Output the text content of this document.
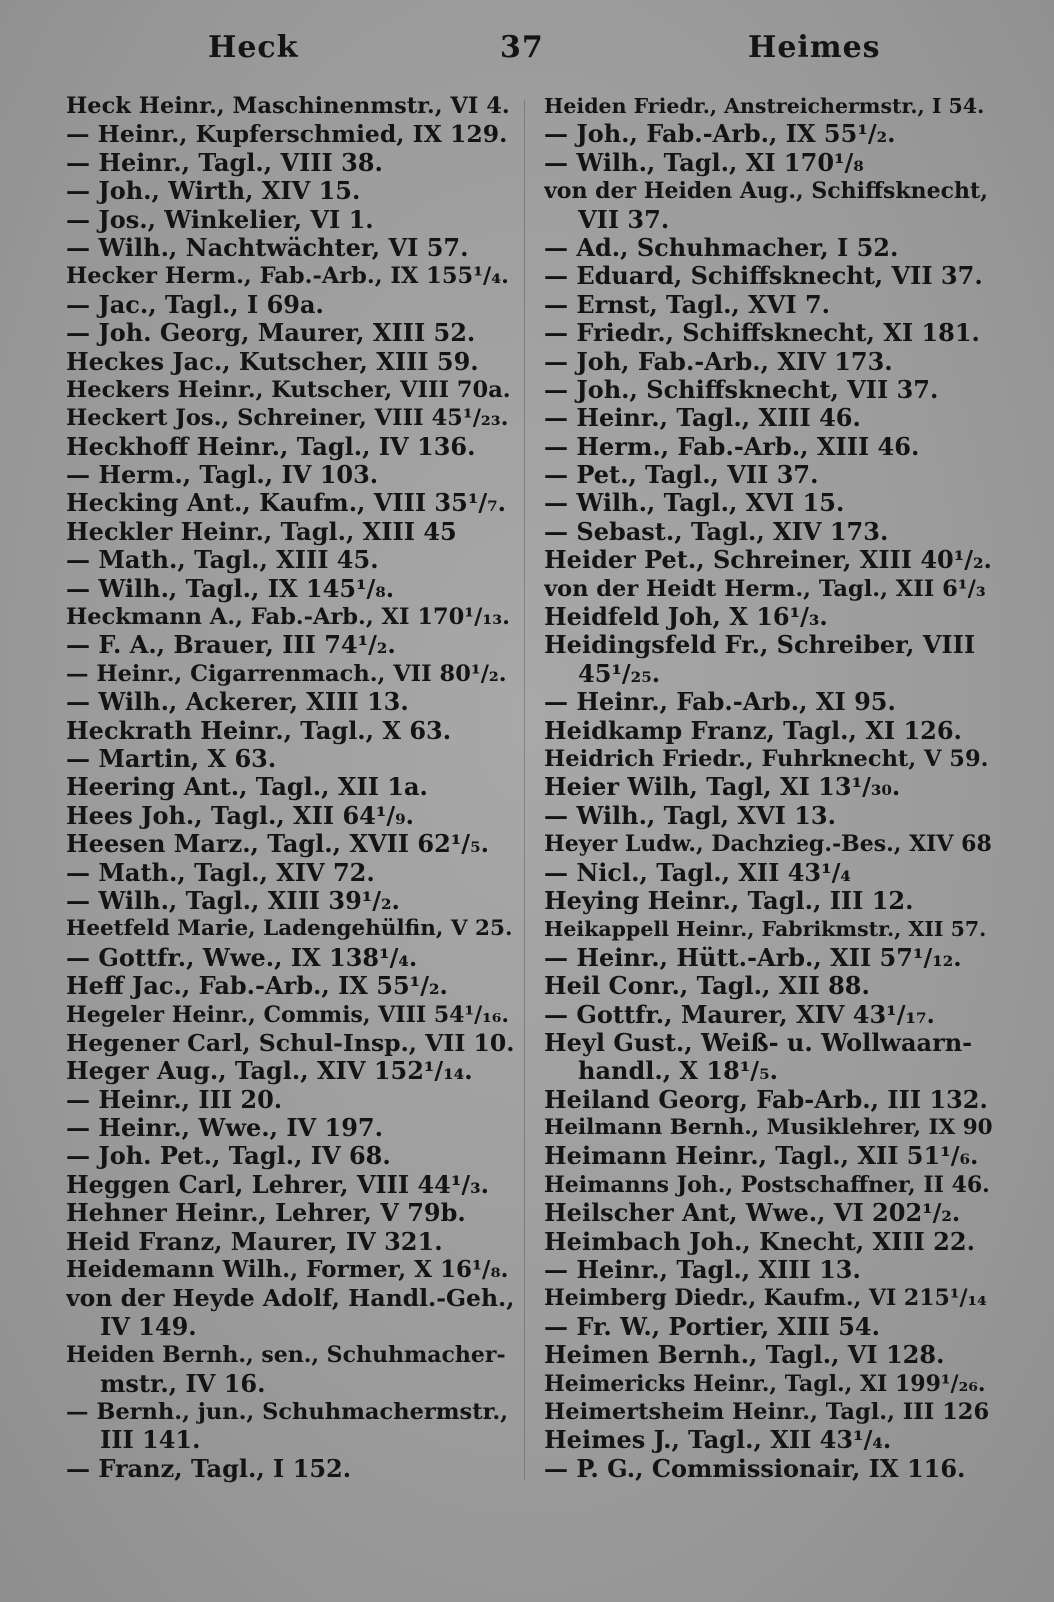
Heck	37	Heimes
Heck Heinr., Maschinenmstr., VI 4.
— Heinr., Kupferschmied, IX 129.
— Heinr., Tagl., VIII 38.
— Joh., Wirth, XIV 15.
— Jos., Winkelier, VI 1.
— Wilh., Nachtwächter, VI 57.
Hecker Herm., Fab.-Arb., IX 155¹/₄.
— Jac., Tagl., I 69a.
— Joh. Georg, Maurer, XIII 52.
Heckes Jac., Kutscher, XIII 59.
Heckers Heinr., Kutscher, VIII 70a.
Heckert Jos., Schreiner, VIII 45¹/₂₃.
Heckhoff Heinr., Tagl., IV 136.
— Herm., Tagl., IV 103.
Hecking Ant., Kaufm., VIII 35¹/₇.
Heckler Heinr., Tagl., XIII 45
— Math., Tagl., XIII 45.
— Wilh., Tagl., IX 145¹/₈.
Heckmann A., Fab.-Arb., XI 170¹/₁₃.
— F. A., Brauer, III 74¹/₂.
— Heinr., Cigarrenmach., VII 80¹/₂.
— Wilh., Ackerer, XIII 13.
Heckrath Heinr., Tagl., X 63.
— Martin, X 63.
Heering Ant., Tagl., XII 1a.
Hees Joh., Tagl., XII 64¹/₉.
Heesen Marz., Tagl., XVII 62¹/₅.
— Math., Tagl., XIV 72.
— Wilh., Tagl., XIII 39¹/₂.
Heetfeld Marie, Ladengehülfin, V 25.
— Gottfr., Wwe., IX 138¹/₄.
Heff Jac., Fab.-Arb., IX 55¹/₂.
Hegeler Heinr., Commis, VIII 54¹/₁₆.
Hegener Carl, Schul-Insp., VII 10.
Heger Aug., Tagl., XIV 152¹/₁₄.
— Heinr., III 20.
— Heinr., Wwe., IV 197.
— Joh. Pet., Tagl., IV 68.
Heggen Carl, Lehrer, VIII 44¹/₃.
Hehner Heinr., Lehrer, V 79b.
Heid Franz, Maurer, IV 321.
Heidemann Wilh., Former, X 16¹/₈.
von der Heyde Adolf, Handl.-Geh.,
IV 149.
Heiden Bernh., sen., Schuhmacher-
mstr., IV 16.
— Bernh., jun., Schuhmachermstr.,
III 141.
— Franz, Tagl., I 152.
Heiden Friedr., Anstreichermstr., I 54.
— Joh., Fab.-Arb., IX 55¹/₂.
— Wilh., Tagl., XI 170¹/₈
von der Heiden Aug., Schiffsknecht,
VII 37.
— Ad., Schuhmacher, I 52.
— Eduard, Schiffsknecht, VII 37.
— Ernst, Tagl., XVI 7.
— Friedr., Schiffsknecht, XI 181.
— Joh, Fab.-Arb., XIV 173.
— Joh., Schiffsknecht, VII 37.
— Heinr., Tagl., XIII 46.
— Herm., Fab.-Arb., XIII 46.
— Pet., Tagl., VII 37.
— Wilh., Tagl., XVI 15.
— Sebast., Tagl., XIV 173.
Heider Pet., Schreiner, XIII 40¹/₂.
von der Heidt Herm., Tagl., XII 6¹/₃
Heidfeld Joh, X 16¹/₃.
Heidingsfeld Fr., Schreiber, VIII
45¹/₂₅.
— Heinr., Fab.-Arb., XI 95.
Heidkamp Franz, Tagl., XI 126.
Heidrich Friedr., Fuhrknecht, V 59.
Heier Wilh, Tagl, XI 13¹/₃₀.
— Wilh., Tagl, XVI 13.
Heyer Ludw., Dachzieg.-Bes., XIV 68
— Nicl., Tagl., XII 43¹/₄
Heying Heinr., Tagl., III 12.
Heikappell Heinr., Fabrikmstr., XII 57.
— Heinr., Hütt.-Arb., XII 57¹/₁₂.
Heil Conr., Tagl., XII 88.
— Gottfr., Maurer, XIV 43¹/₁₇.
Heyl Gust., Weiß- u. Wollwaarn-
handl., X 18¹/₅.
Heiland Georg, Fab-Arb., III 132.
Heilmann Bernh., Musiklehrer, IX 90
Heimann Heinr., Tagl., XII 51¹/₆.
Heimanns Joh., Postschaffner, II 46.
Heilscher Ant, Wwe., VI 202¹/₂.
Heimbach Joh., Knecht, XIII 22.
— Heinr., Tagl., XIII 13.
Heimberg Diedr., Kaufm., VI 215¹/₁₄
— Fr. W., Portier, XIII 54.
Heimen Bernh., Tagl., VI 128.
Heimericks Heinr., Tagl., XI 199¹/₂₆.
Heimertsheim Heinr., Tagl., III 126
Heimes J., Tagl., XII 43¹/₄.
— P. G., Commissionair, IX 116.
